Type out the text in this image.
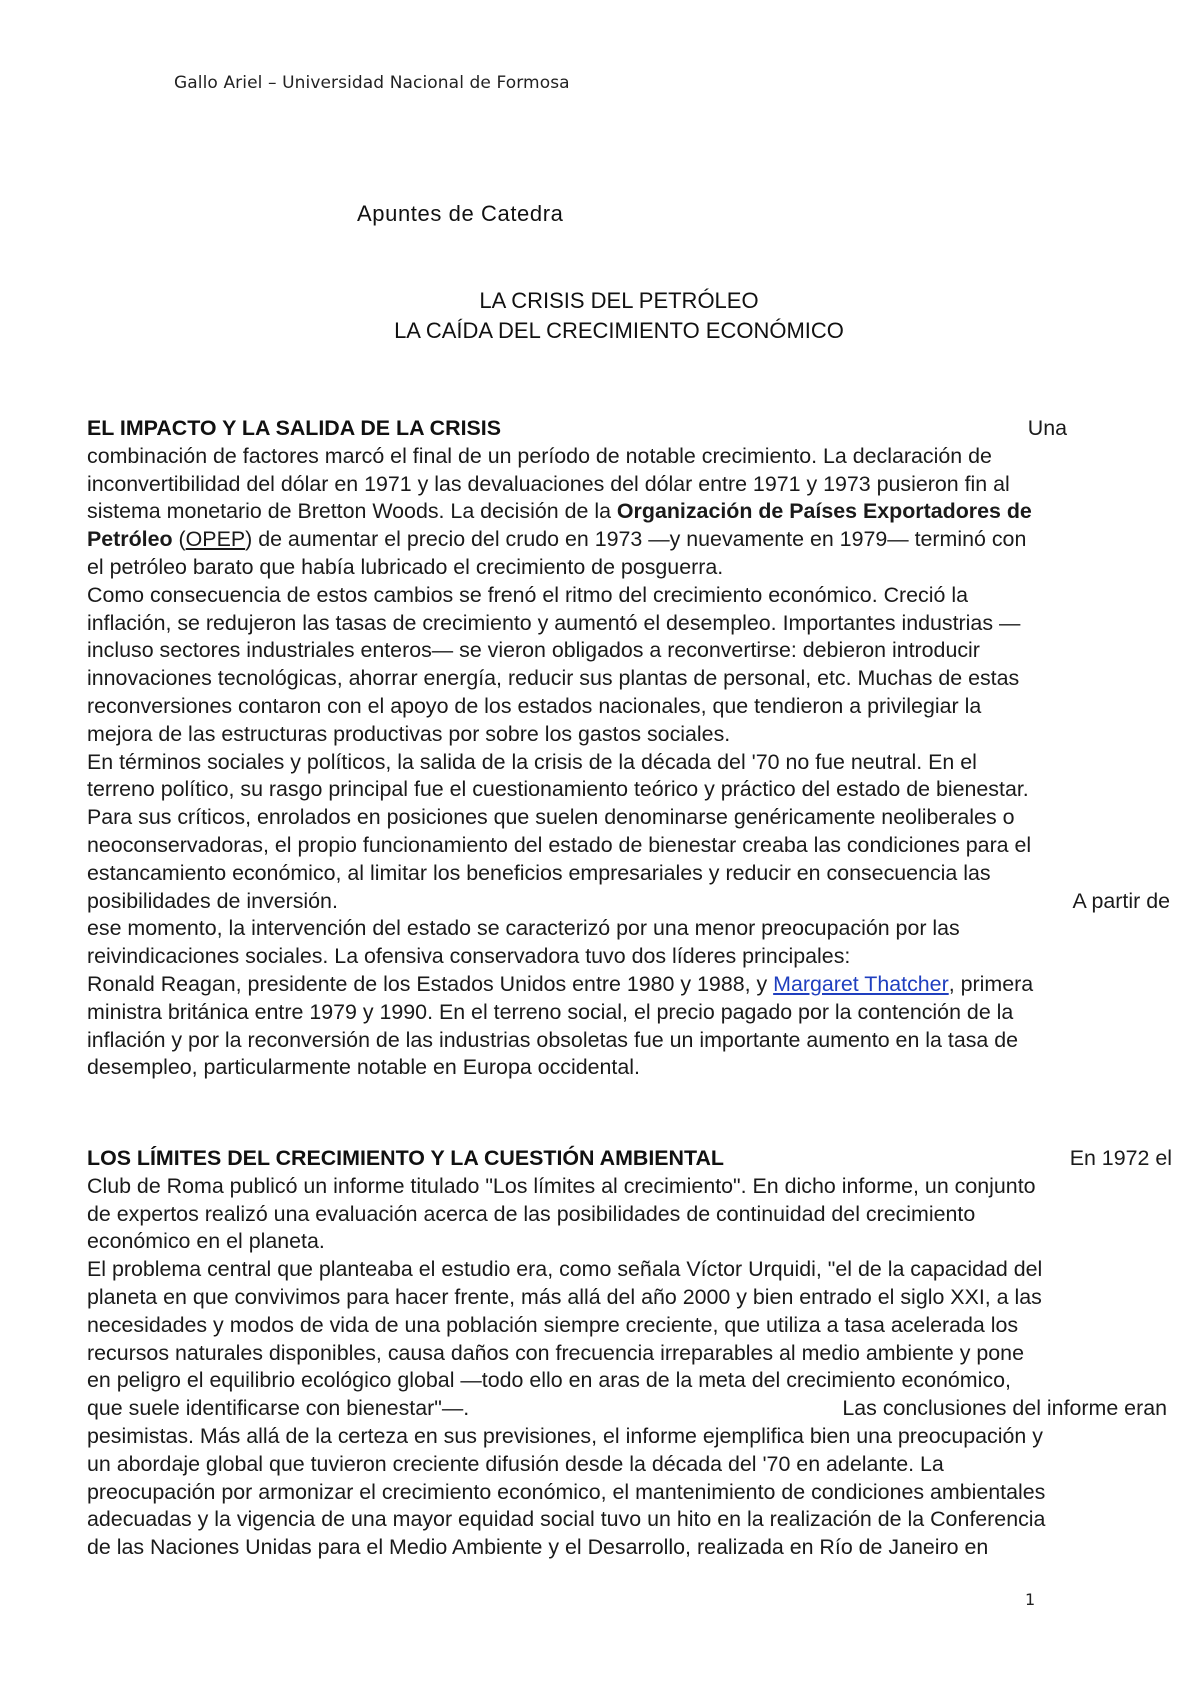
Gallo Ariel – Universidad Nacional de Formosa
Apuntes de Catedra
LA CRISIS DEL PETRÓLEO
LA CAÍDA DEL CRECIMIENTO ECONÓMICO
EL IMPACTO Y LA SALIDA DE LA CRISIS	Una
combinación de factores marcó el final de un período de notable crecimiento. La declaración de
inconvertibilidad del dólar en 1971 y las devaluaciones del dólar entre 1971 y 1973 pusieron fin al
sistema monetario de Bretton Woods. La decisión de la Organización de Países Exportadores de
Petróleo ( OPEP ) de aumentar el precio del crudo en 1973 —y nuevamente en 1979— terminó con
el petróleo barato que había lubricado el crecimiento de posguerra.
Como consecuencia de estos cambios se frenó el ritmo del crecimiento económico. Creció la
inflación, se redujeron las tasas de crecimiento y aumentó el desempleo. Importantes industrias —
incluso sectores industriales enteros— se vieron obligados a reconvertirse: debieron introducir
innovaciones tecnológicas, ahorrar energía, reducir sus plantas de personal, etc. Muchas de estas
reconversiones contaron con el apoyo de los estados nacionales, que tendieron a privilegiar la
mejora de las estructuras productivas por sobre los gastos sociales.
En términos sociales y políticos, la salida de la crisis de la década del '70 no fue neutral. En el
terreno político, su rasgo principal fue el cuestionamiento teórico y práctico del estado de bienestar.
Para sus críticos, enrolados en posiciones que suelen denominarse genéricamente neoliberales o
neoconservadoras, el propio funcionamiento del estado de bienestar creaba las condiciones para el
estancamiento económico, al limitar los beneficios empresariales y reducir en consecuencia las
posibilidades de inversión.	A partir de
ese momento, la intervención del estado se caracterizó por una menor preocupación por las
reivindicaciones sociales. La ofensiva conservadora tuvo dos líderes principales:
Ronald Reagan, presidente de los Estados Unidos entre 1980 y 1988, y Margaret Thatcher , primera
ministra británica entre 1979 y 1990. En el terreno social, el precio pagado por la contención de la
inflación y por la reconversión de las industrias obsoletas fue un importante aumento en la tasa de
desempleo, particularmente notable en Europa occidental.
LOS LÍMITES DEL CRECIMIENTO Y LA CUESTIÓN AMBIENTAL	En 1972 el
Club de Roma publicó un informe titulado "Los límites al crecimiento". En dicho informe, un conjunto
de expertos realizó una evaluación acerca de las posibilidades de continuidad del crecimiento
económico en el planeta.
El problema central que planteaba el estudio era, como señala Víctor Urquidi, "el de la capacidad del
planeta en que convivimos para hacer frente, más allá del año 2000 y bien entrado el siglo XXI, a las
necesidades y modos de vida de una población siempre creciente, que utiliza a tasa acelerada los
recursos naturales disponibles, causa daños con frecuencia irreparables al medio ambiente y pone
en peligro el equilibrio ecológico global —todo ello en aras de la meta del crecimiento económico,
que suele identificarse con bienestar"—.	Las conclusiones del informe eran
pesimistas. Más allá de la certeza en sus previsiones, el informe ejemplifica bien una preocupación y
un abordaje global que tuvieron creciente difusión desde la década del '70 en adelante. La
preocupación por armonizar el crecimiento económico, el mantenimiento de condiciones ambientales
adecuadas y la vigencia de una mayor equidad social tuvo un hito en la realización de la Conferencia
de las Naciones Unidas para el Medio Ambiente y el Desarrollo, realizada en Río de Janeiro en
1
